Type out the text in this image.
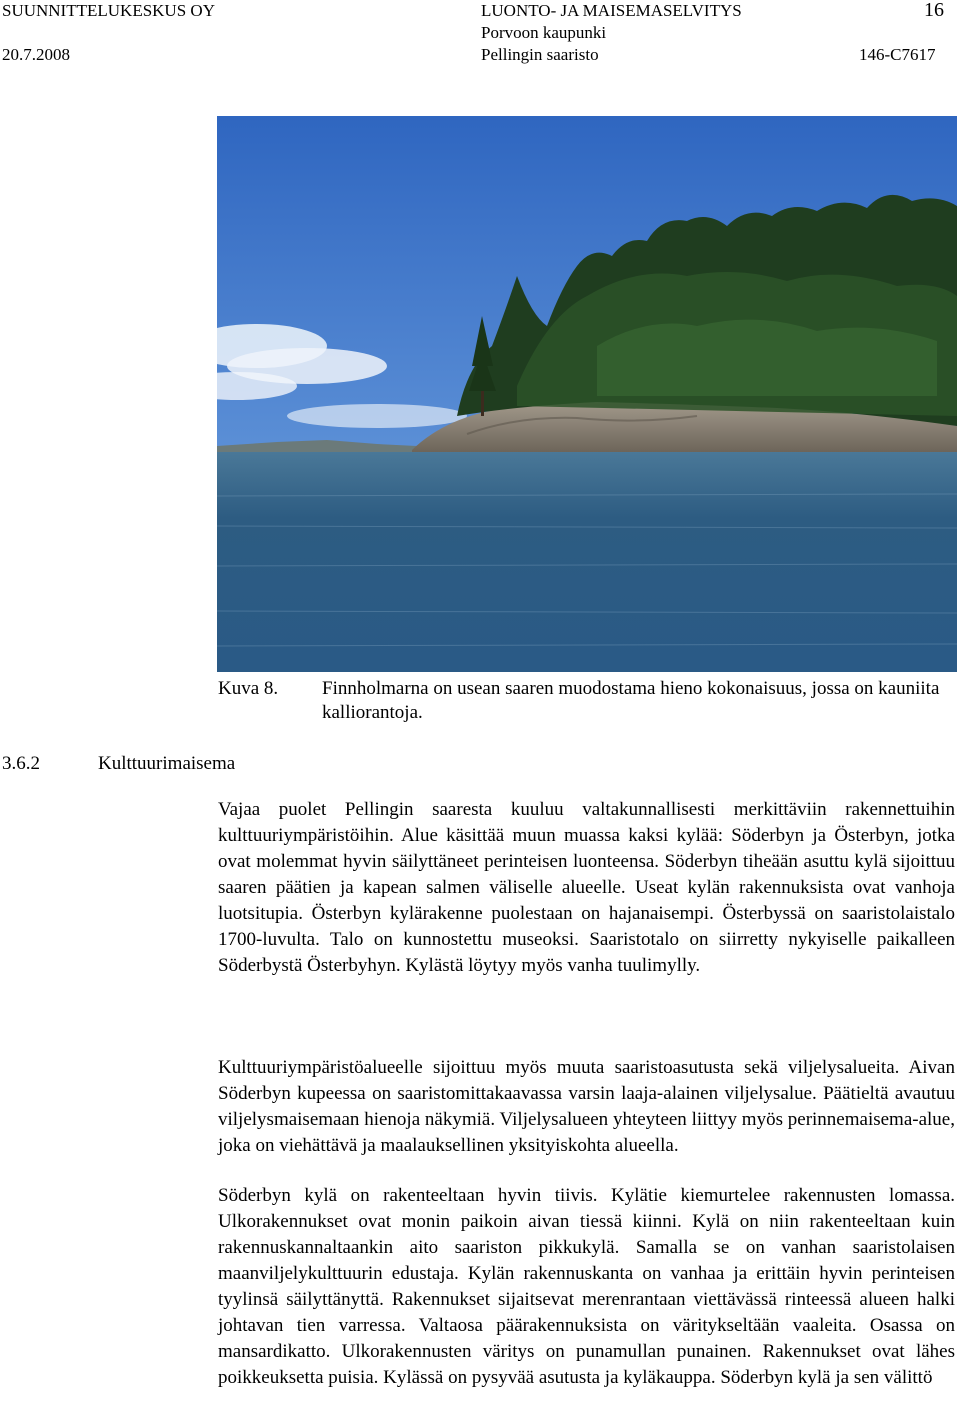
SUUNNITTELUKESKUS OY
20.7.2008
LUONTO- JA MAISEMASELVITYS
Porvoon kaupunki
Pellingin saaristo
16
146-C7617
Kuva 8. Finnholmarna on usean saaren muodostama hieno kokonaisuus, jossa on kauniita kalliorantoja.
3.6.2	Kulttuurimaisema

Vajaa puolet Pellingin saaresta kuuluu valtakunnallisesti merkittäviin rakennettuihin kulttuuriympäristöihin. Alue käsittää muun muassa kaksi kylää: Söderbyn ja Österbyn, jotka ovat molemmat hyvin säilyttäneet perinteisen luonteensa. Söderbyn tiheään asuttu kylä sijoittuu saaren päätien ja kapean salmen väliselle alueelle. Useat kylän rakennuksista ovat vanhoja luotsitupia. Österbyn kylärakenne puolestaan on hajanaisempi. Österbyssä on saaristolaistalo 1700-luvulta. Talo on kunnostettu museoksi. Saaristotalo on siirretty nykyiselle paikalleen Söderbystä Österbyhyn. Kylästä löytyy myös vanha tuulimylly.

Kulttuuriympäristöalueelle sijoittuu myös muuta saaristoasutusta sekä viljelysalueita. Aivan Söderbyn kupeessa on saaristomittakaavassa varsin laaja-alainen viljelysalue. Päätieltä avautuu viljelysmaisemaan hienoja näkymiä. Viljelysalueen yhteyteen liittyy myös perinnemaisema-alue, joka on viehättävä ja maalauksellinen yksityiskohta alueella.

Söderbyn kylä on rakenteeltaan hyvin tiivis. Kylätie kiemurtelee rakennusten lomassa. Ulkorakennukset ovat monin paikoin aivan tiessä kiinni. Kylä on niin rakenteeltaan kuin rakennuskannaltaankin aito saariston pikkukylä. Samalla se on vanhan saaristolaisen maanviljelykulttuurin edustaja. Kylän rakennuskanta on vanhaa ja erittäin hyvin perinteisen tyylinsä säilyttänyttä. Rakennukset sijaitsevat merenrantaan viettävässä rinteessä alueen halki johtavan tien varressa. Valtaosa päärakennuksista on väritykseltään vaaleita. Osassa on mansardikatto. Ulkorakennusten väritys on punamullan punainen. Rakennukset ovat lähes poikkeuksetta puisia. Kylässä on pysyvää asutusta ja kyläkauppa. Söderbyn kylä ja sen välittö
